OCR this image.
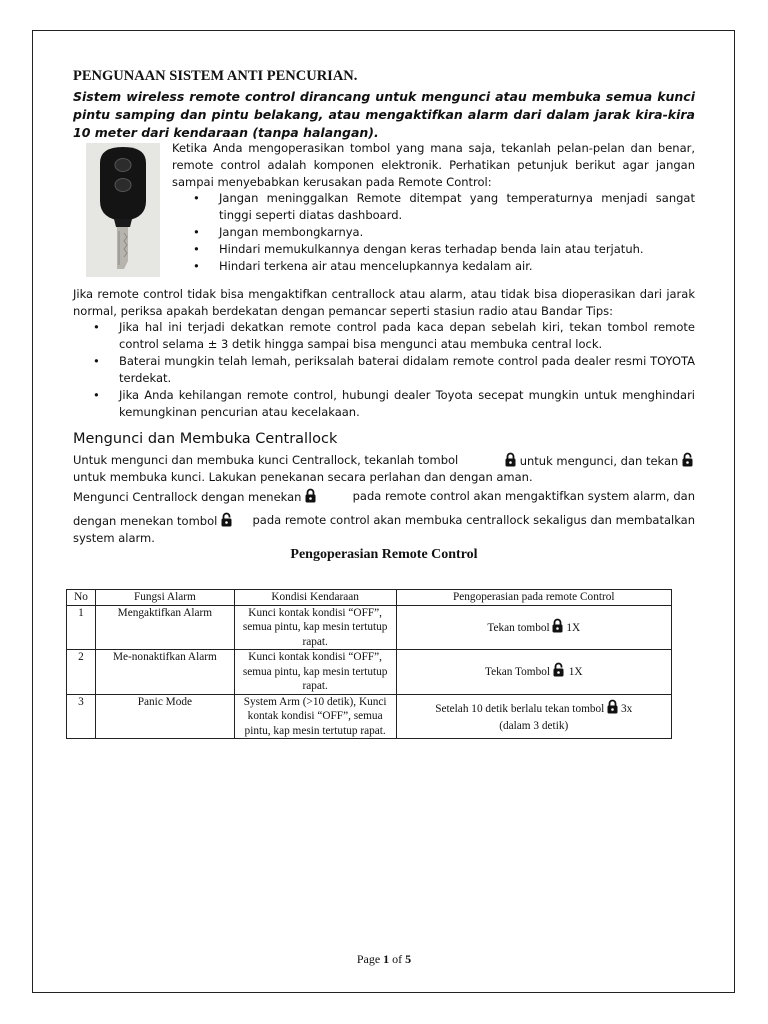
PENGUNAAN SISTEM ANTI PENCURIAN.
Sistem wireless remote control dirancang untuk mengunci atau membuka semua kunci pintu samping dan pintu belakang, atau mengaktifkan alarm dari dalam jarak kira-kira 10 meter dari kendaraan (tanpa halangan).
Ketika Anda mengoperasikan tombol yang mana saja, tekanlah pelan-pelan dan benar, remote control adalah komponen elektronik. Perhatikan petunjuk berikut agar jangan sampai menyebabkan kerusakan pada Remote Control:
• Jangan meninggalkan Remote ditempat yang temperaturnya menjadi sangat tinggi seperti diatas dashboard.
• Jangan membongkarnya.
• Hindari memukulkannya dengan keras terhadap benda lain atau terjatuh.
• Hindari terkena air atau mencelupkannya kedalam air.
Jika remote control tidak bisa mengaktifkan centrallock atau alarm, atau tidak bisa dioperasikan dari jarak normal, periksa apakah berdekatan dengan pemancar seperti stasiun radio atau Bandar Tips:
• Jika hal ini terjadi dekatkan remote control pada kaca depan sebelah kiri, tekan tombol remote control selama ± 3 detik hingga sampai bisa mengunci atau membuka central lock.
• Baterai mungkin telah lemah, periksalah baterai didalam remote control pada dealer resmi TOYOTA terdekat.
• Jika Anda kehilangan remote control, hubungi dealer Toyota secepat mungkin untuk menghindari kemungkinan pencurian atau kecelakaan.
Mengunci dan Membuka Centrallock
Untuk mengunci dan membuka kunci Centrallock, tekanlah tombol	untuk mengunci, dan tekan
untuk membuka kunci. Lakukan penekanan secara perlahan dan dengan aman.
Mengunci Centrallock dengan menekan	pada remote control akan mengaktifkan system alarm, dan
dengan menekan tombol	pada remote control akan membuka centrallock sekaligus dan membatalkan
system alarm.
Pengoperasian Remote Control
No	Fungsi Alarm	Kondisi Kendaraan	Pengoperasian pada remote Control
1	Mengaktifkan Alarm	Kunci kontak kondisi “OFF”, semua pintu, kap mesin tertutup rapat.	Tekan tombol 1X
2	Me-nonaktifkan Alarm	Kunci kontak kondisi “OFF”, semua pintu, kap mesin tertutup rapat.	Tekan Tombol 1X
3	Panic Mode	System Arm (>10 detik), Kunci kontak kondisi “OFF”, semua pintu, kap mesin tertutup rapat.	Setelah 10 detik berlalu tekan tombol 3x
(dalam 3 detik)
Page 1 of 5
